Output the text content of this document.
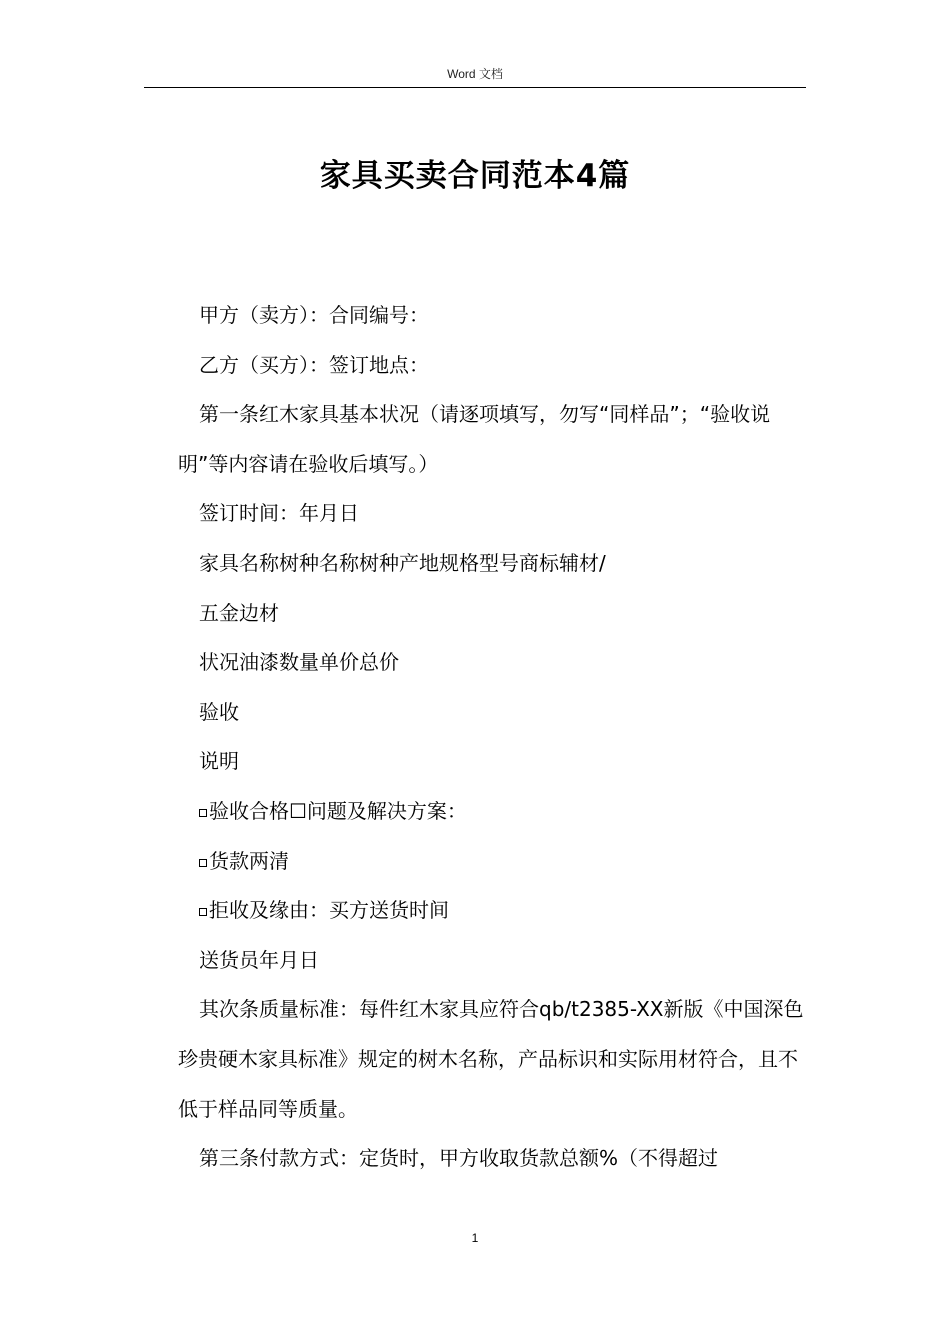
Word 文档
家具买卖合同范本4篇

甲方（卖方）：合同编号：

乙方（买方）：签订地点：

第一条红木家具基本状况（请逐项填写，勿写“同样品”；“验收说明”等内容请在验收后填写。）

签订时间：年月日

家具名称树种名称树种产地规格型号商标辅材/

五金边材

状况油漆数量单价总价

验收

说明

验收合格☐问题及解决方案：

货款两清

拒收及缘由：买方送货时间

送货员年月日

其次条质量标准：每件红木家具应符合qb/t2385-XX新版《中国深色珍贵硬木家具标准》规定的树木名称，产品标识和实际用材符合，且不低于样品同等质量。

第三条付款方式：定货时，甲方收取货款总额%（不得超过

1
